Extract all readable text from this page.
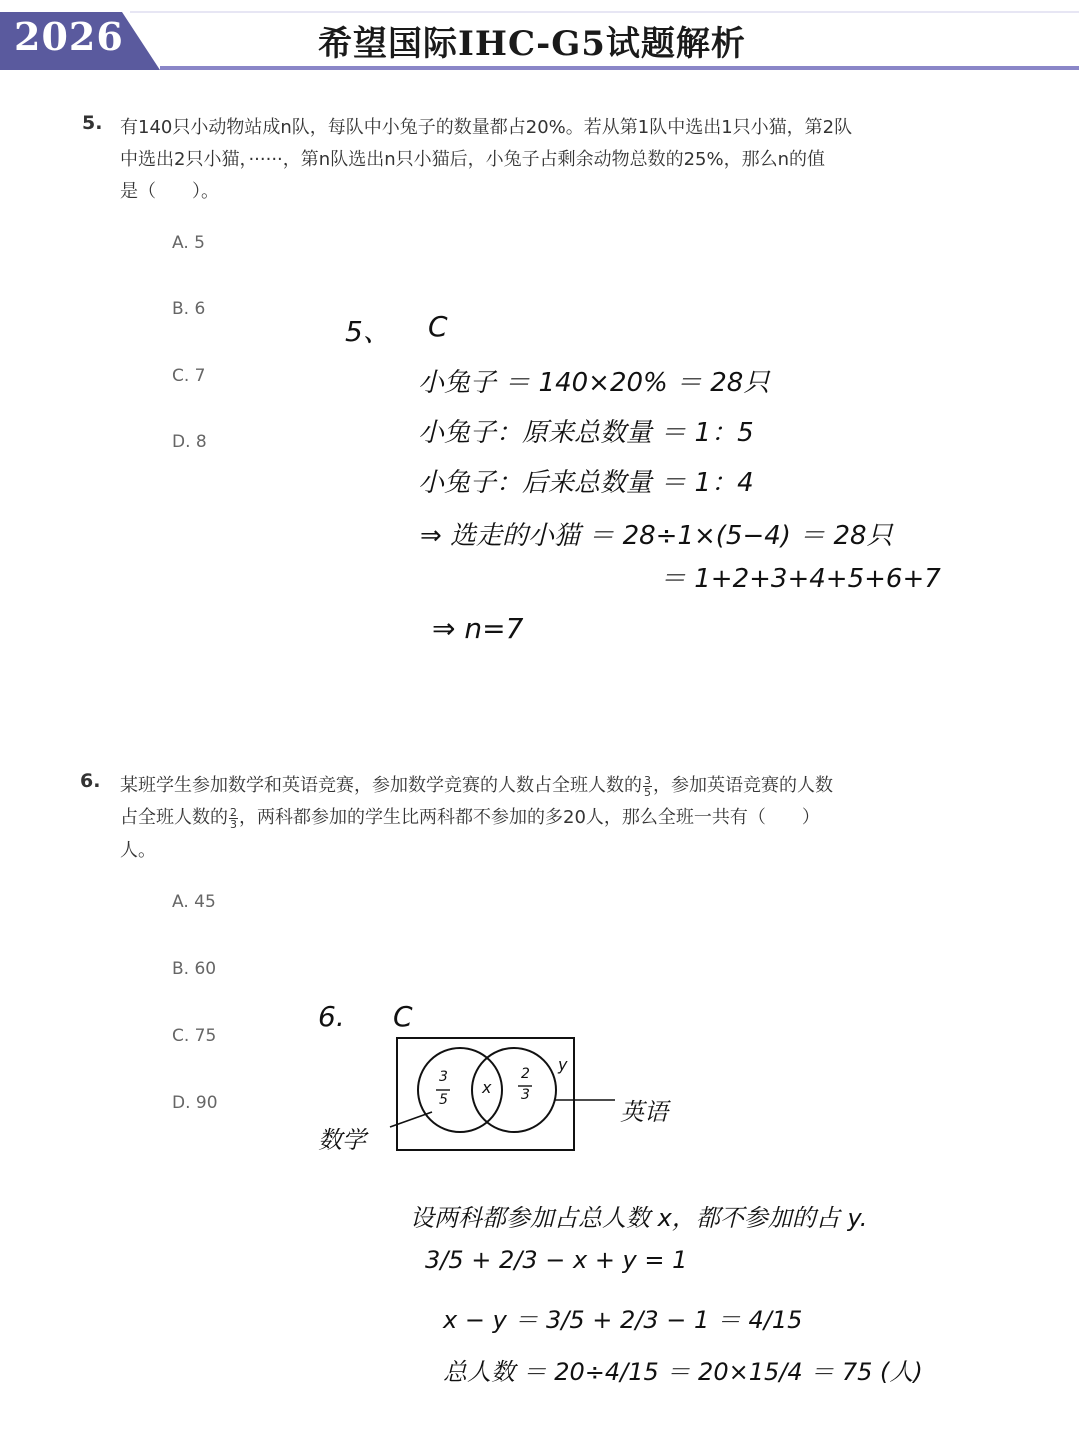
2026	希望国际IHC-G5试题解析
5. 有140只小动物站成n队，每队中小兔子的数量都占20%。若从第1队中选出1只小猫，第2队
中选出2只小猫，······，第n队选出n只小猫后，小兔子占剩余动物总数的25%，那么n的值
是（　　）。
A. 5
B. 6
C. 7
D. 8
5、 C
小兔子 ＝ 140×20% ＝ 28只
小兔子：原来总数量 ＝ 1：5
小兔子：后来总数量 ＝ 1：4
⇒ 选走的小猫 ＝ 28÷1×(5−4) ＝ 28只
＝ 1+2+3+4+5+6+7
⇒ n=7
6. 某班学生参加数学和英语竞赛，参加数学竞赛的人数占全班人数的 $\frac{3}{5}$ ，参加英语竞赛的人数
占全班人数的 $\frac{2}{3}$ ，两科都参加的学生比两科都不参加的多20人，那么全班一共有（　　）
人。
A. 45
B. 60
C. 75
D. 90
6. C
3
5
x
2
3
y
数学
英语
设两科都参加占总人数 x，都不参加的占 y.
3/5 + 2/3 − x + y = 1
x − y ＝ 3/5 + 2/3 − 1 ＝ 4/15
总人数 ＝ 20÷4/15 ＝ 20×15/4 ＝ 75 (人)
